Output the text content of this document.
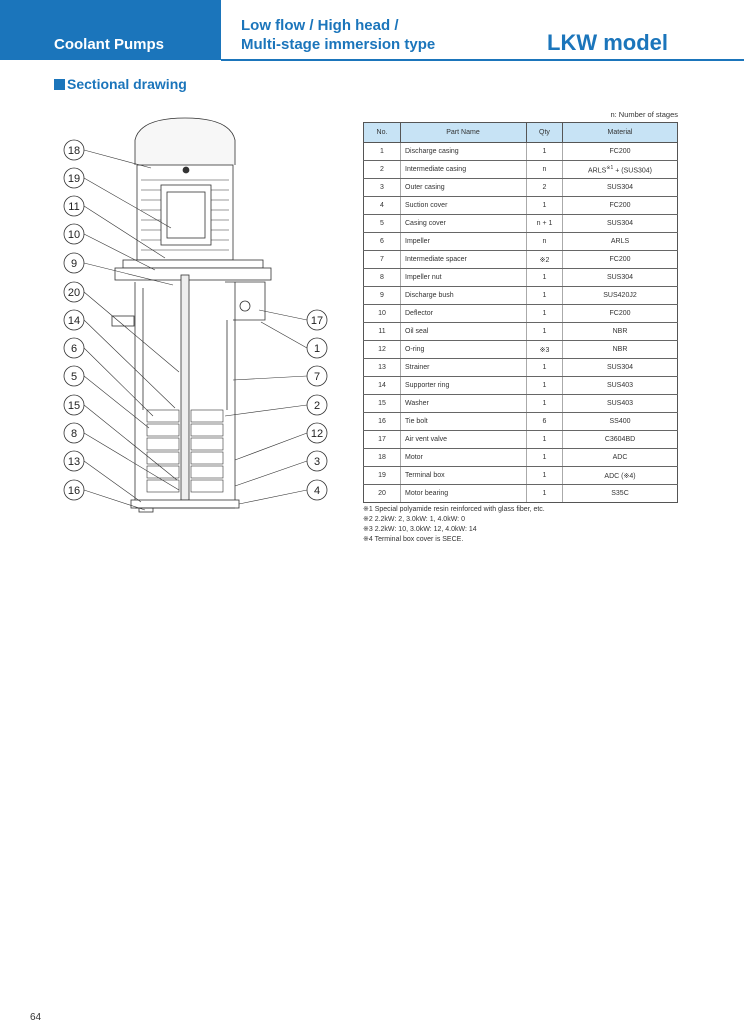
Coolant Pumps
Low flow / High head /
Multi-stage immersion type	LKW model
Sectional drawing
18
19
11
10
9
20
14
6
5
15
8
13
16
17
1
7
2
12
3
4
n: Number of stages
No.	Part Name	Qty	Material
1	Discharge casing	1	FC200
2	Intermediate casing	n	$ARLS^{※1} + (SUS304)$
3	Outer casing	2	SUS304
4	Suction cover	1	FC200
5	Casing cover	n + 1	SUS304
6	Impeller	n	ARLS
7	Intermediate spacer	※2	FC200
8	Impeller nut	1	SUS304
9	Discharge bush	1	SUS420J2
10	Deflector	1	FC200
11	Oil seal	1	NBR
12	O-ring	※3	NBR
13	Strainer	1	SUS304
14	Supporter ring	1	SUS403
15	Washer	1	SUS403
16	Tie bolt	6	SS400
17	Air vent valve	1	C3604BD
18	Motor	1	ADC
19	Terminal box	1	ADC (※4)
20	Motor bearing	1	S35C
※1 Special polyamide resin reinforced with glass fiber, etc.
※2 2.2kW: 2, 3.0kW: 1, 4.0kW: 0
※3 2.2kW: 10, 3.0kW: 12, 4.0kW: 14
※4 Terminal box cover is SECE.
64
